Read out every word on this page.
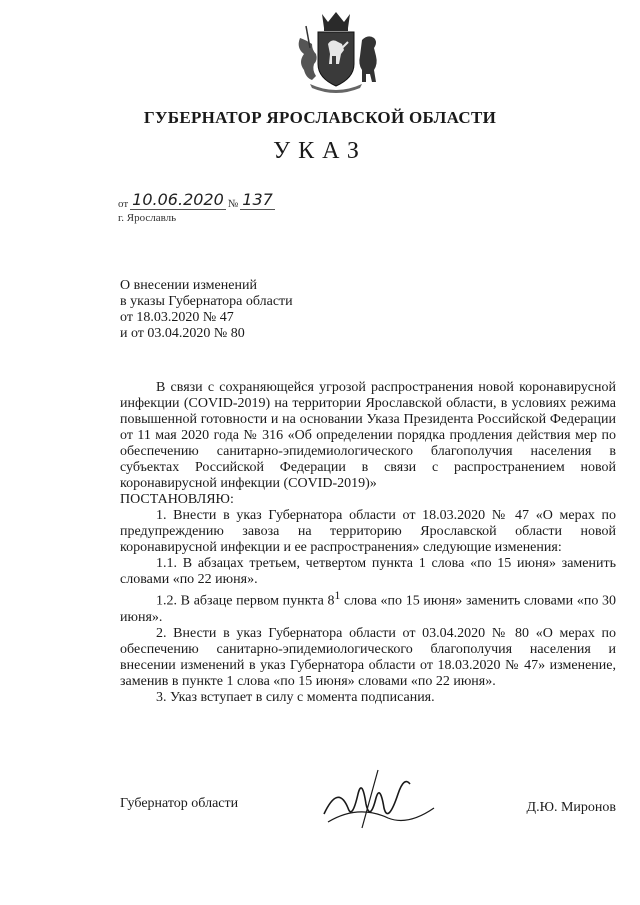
ГУБЕРНАТОР ЯРОСЛАВСКОЙ ОБЛАСТИ
УКАЗ
от 10.06.2020 № 137
г. Ярославль
О внесении изменений
в указы Губернатора области
от 18.03.2020 № 47
и от 03.04.2020 № 80

В связи с сохраняющейся угрозой распространения новой коронавирусной инфекции (COVID-2019) на территории Ярославской области, в условиях режима повышенной готовности и на основании Указа Президента Российской Федерации от 11 мая 2020 года № 316 «Об определении порядка продления действия мер по обеспечению санитарно-эпидемиологического благополучия населения в субъектах Российской Федерации в связи с распространением новой коронавирусной инфекции (COVID-2019)»

ПОСТАНОВЛЯЮ:

1. Внести в указ Губернатора области от 18.03.2020 № 47 «О мерах по предупреждению завоза на территорию Ярославской области новой коронавирусной инфекции и ее распространения» следующие изменения:

1.1. В абзацах третьем, четвертом пункта 1 слова «по 15 июня» заменить словами «по 22 июня».

1.2. В абзаце первом пункта $8^1$ слова «по 15 июня» заменить словами «по 30 июня».

2. Внести в указ Губернатора области от 03.04.2020 № 80 «О мерах по обеспечению санитарно-эпидемиологического благополучия населения и внесении изменений в указ Губернатора области от 18.03.2020 № 47» изменение, заменив в пункте 1 слова «по 15 июня» словами «по 22 июня».

3. Указ вступает в силу с момента подписания.

Губернатор области	Д.Ю. Миронов
